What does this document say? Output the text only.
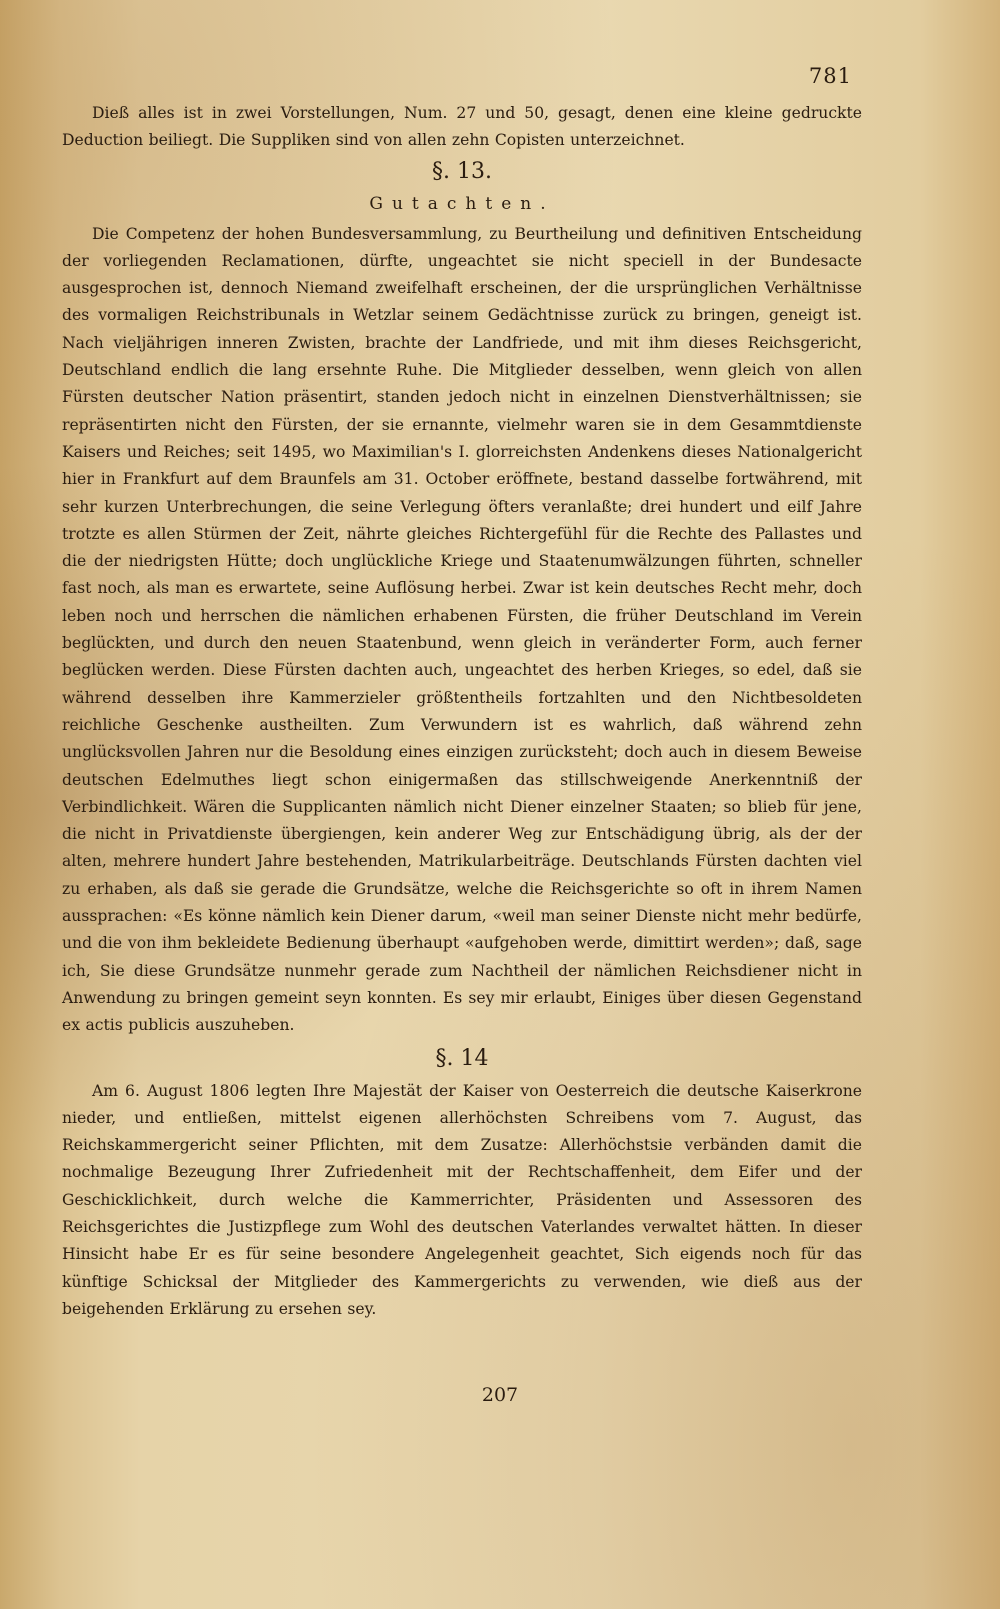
781

Dieß alles ist in zwei Vorstellungen, Num. 27 und 50, gesagt, denen eine kleine gedruckte Deduction beiliegt. Die Suppliken sind von allen zehn Copisten unterzeichnet.

§. 13.
Gutachten.

Die Competenz der hohen Bundesversammlung, zu Beurtheilung und definitiven Entscheidung der vorliegenden Reclamationen, dürfte, ungeachtet sie nicht speciell in der Bundesacte ausgesprochen ist, dennoch Niemand zweifelhaft erscheinen, der die ursprünglichen Verhältnisse des vormaligen Reichstribunals in Wetzlar seinem Gedächtnisse zurück zu bringen, geneigt ist. Nach vieljährigen inneren Zwisten, brachte der Landfriede, und mit ihm dieses Reichsgericht, Deutschland endlich die lang ersehnte Ruhe. Die Mitglieder desselben, wenn gleich von allen Fürsten deutscher Nation präsentirt, standen jedoch nicht in einzelnen Dienstverhältnissen; sie repräsentirten nicht den Fürsten, der sie ernannte, vielmehr waren sie in dem Gesammtdienste Kaisers und Reiches; seit 1495, wo Maximilian's I. glorreichsten Andenkens dieses Nationalgericht hier in Frankfurt auf dem Braunfels am 31. October eröffnete, bestand dasselbe fortwährend, mit sehr kurzen Unterbrechungen, die seine Verlegung öfters veranlaßte; drei hundert und eilf Jahre trotzte es allen Stürmen der Zeit, nährte gleiches Richtergefühl für die Rechte des Pallastes und die der niedrigsten Hütte; doch unglückliche Kriege und Staatenumwälzungen führten, schneller fast noch, als man es erwartete, seine Auflösung herbei. Zwar ist kein deutsches Recht mehr, doch leben noch und herrschen die nämlichen erhabenen Fürsten, die früher Deutschland im Verein beglückten, und durch den neuen Staatenbund, wenn gleich in veränderter Form, auch ferner beglücken werden. Diese Fürsten dachten auch, ungeachtet des herben Krieges, so edel, daß sie während desselben ihre Kammerzieler größtentheils fortzahlten und den Nichtbesoldeten reichliche Geschenke austheilten. Zum Verwundern ist es wahrlich, daß während zehn unglücksvollen Jahren nur die Besoldung eines einzigen zurücksteht; doch auch in diesem Beweise deutschen Edelmuthes liegt schon einigermaßen das stillschweigende Anerkenntniß der Verbindlichkeit. Wären die Supplicanten nämlich nicht Diener einzelner Staaten; so blieb für jene, die nicht in Privatdienste übergiengen, kein anderer Weg zur Entschädigung übrig, als der der alten, mehrere hundert Jahre bestehenden, Matrikularbeiträge. Deutschlands Fürsten dachten viel zu erhaben, als daß sie gerade die Grundsätze, welche die Reichsgerichte so oft in ihrem Namen aussprachen: «Es könne nämlich kein Diener darum, «weil man seiner Dienste nicht mehr bedürfe, und die von ihm bekleidete Bedienung überhaupt «aufgehoben werde, dimittirt werden»; daß, sage ich, Sie diese Grundsätze nunmehr gerade zum Nachtheil der nämlichen Reichsdiener nicht in Anwendung zu bringen gemeint seyn konnten. Es sey mir erlaubt, Einiges über diesen Gegenstand ex actis publicis auszuheben.

§. 14

Am 6. August 1806 legten Ihre Majestät der Kaiser von Oesterreich die deutsche Kaiserkrone nieder, und entließen, mittelst eigenen allerhöchsten Schreibens vom 7. August, das Reichskammergericht seiner Pflichten, mit dem Zusatze: Allerhöchstsie verbänden damit die nochmalige Bezeugung Ihrer Zufriedenheit mit der Rechtschaffenheit, dem Eifer und der Geschicklichkeit, durch welche die Kammerrichter, Präsidenten und Assessoren des Reichsgerichtes die Justizpflege zum Wohl des deutschen Vaterlandes verwaltet hätten. In dieser Hinsicht habe Er es für seine besondere Angelegenheit geachtet, Sich eigends noch für das künftige Schicksal der Mitglieder des Kammergerichts zu verwenden, wie dieß aus der beigehenden Erklärung zu ersehen sey.

207
